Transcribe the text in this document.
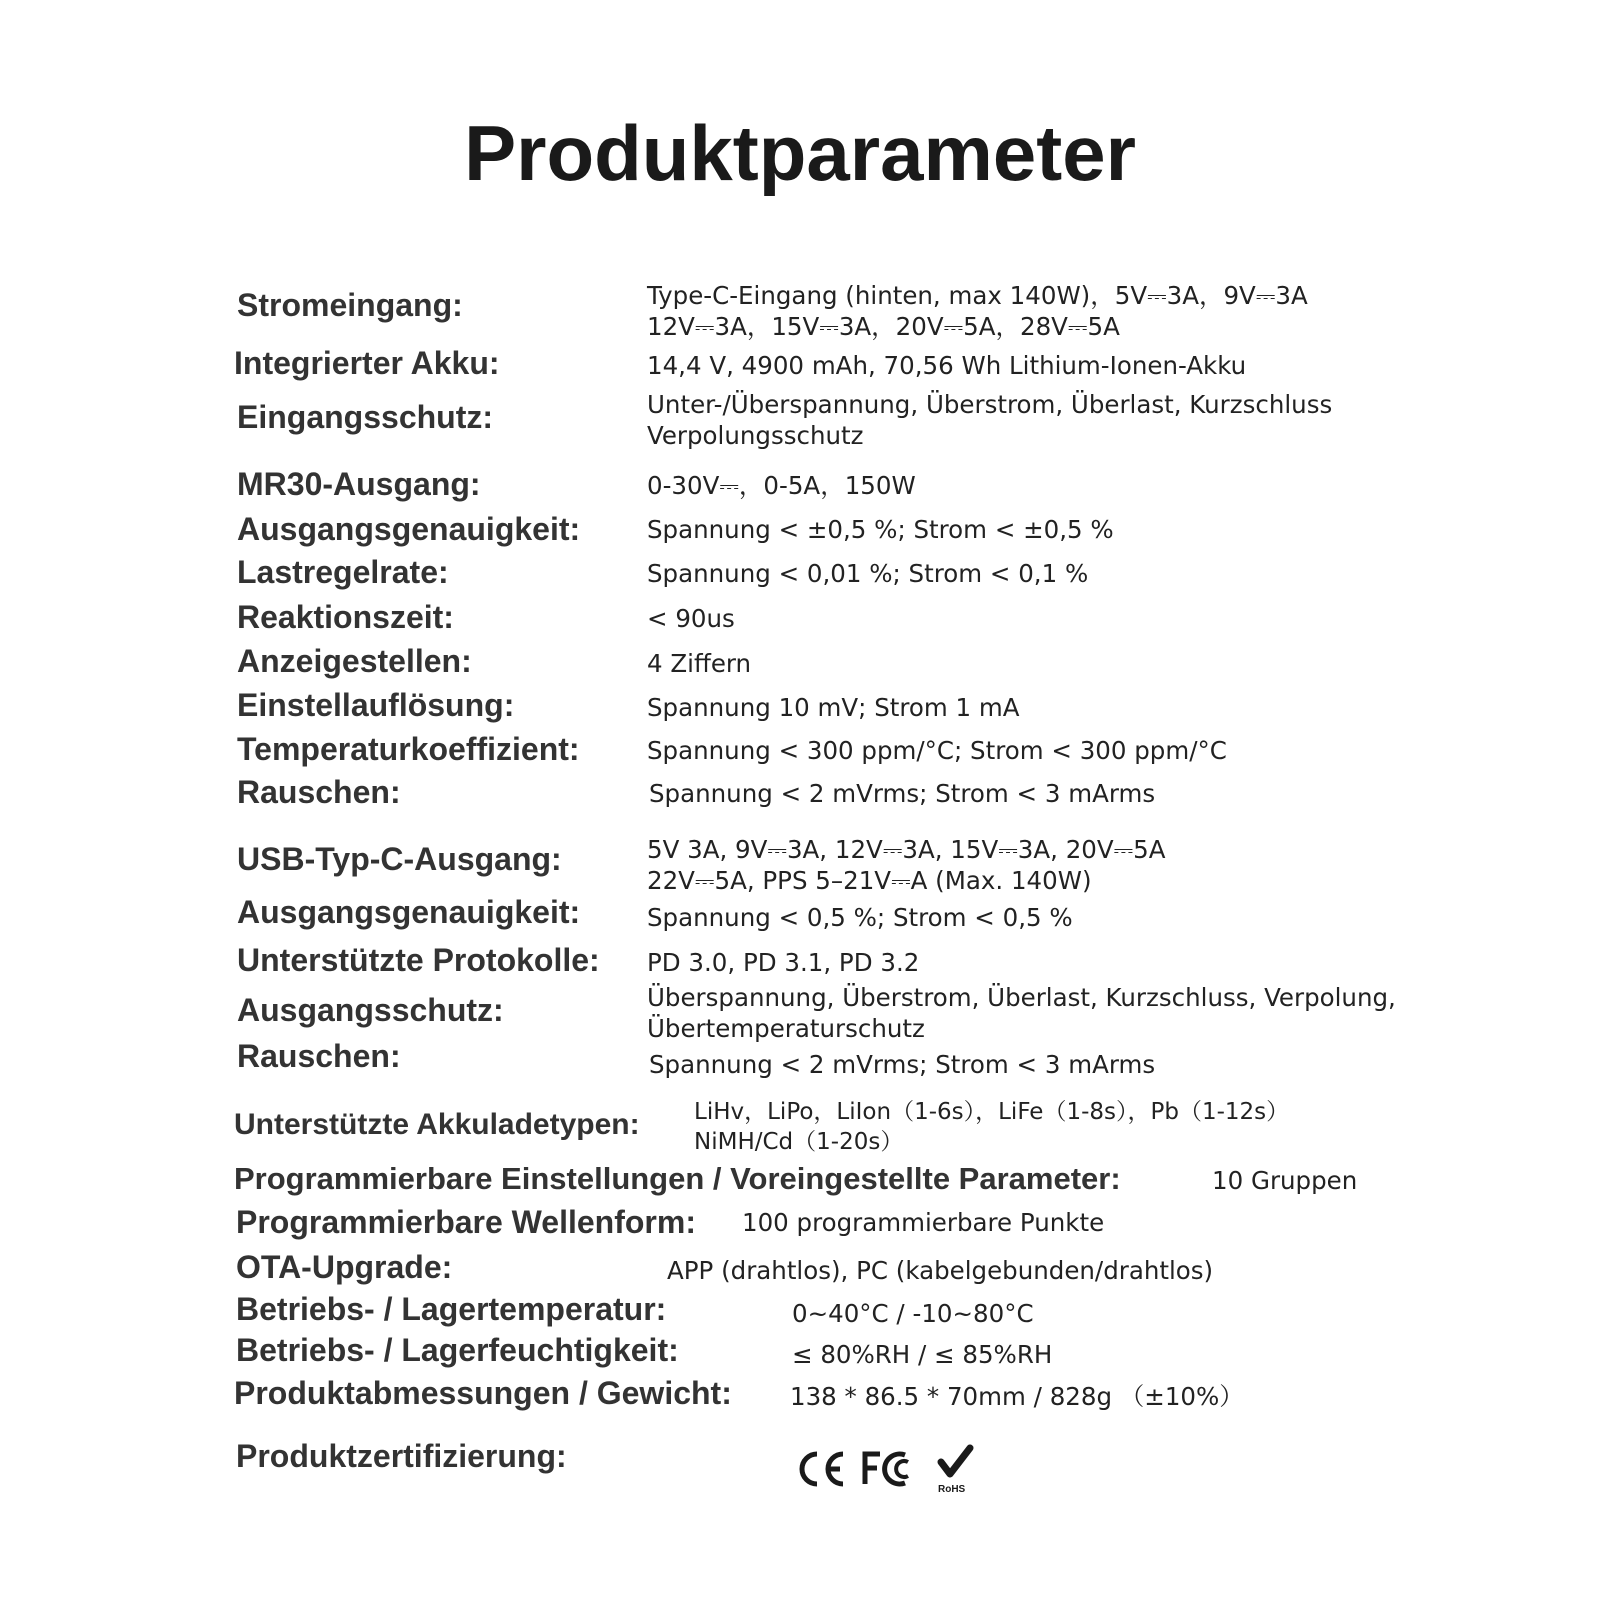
Produktparameter
Stromeingang:	Type-C-Eingang (hinten, max 140W)，5V⎓3A，9V⎓3A
12V⎓3A，15V⎓3A，20V⎓5A，28V⎓5A
Integrierter Akku:	14,4 V, 4900 mAh, 70,56 Wh Lithium-Ionen-Akku
Eingangsschutz:	Unter-/Überspannung, Überstrom, Überlast, Kurzschluss
Verpolungsschutz
MR30-Ausgang:	0-30V⎓，0-5A，150W
Ausgangsgenauigkeit:	Spannung < ±0,5 %; Strom < ±0,5 %
Lastregelrate:	Spannung < 0,01 %; Strom < 0,1 %
Reaktionszeit:	< 90us
Anzeigestellen:	4 Ziffern
Einstellauflösung:	Spannung 10 mV; Strom 1 mA
Temperaturkoeffizient:	Spannung < 300 ppm/°C; Strom < 300 ppm/°C
Rauschen:	Spannung < 2 mVrms; Strom < 3 mArms
USB-Typ-C-Ausgang:	5V 3A, 9V⎓3A, 12V⎓3A, 15V⎓3A, 20V⎓5A
22V⎓5A, PPS 5–21V⎓A (Max. 140W)
Ausgangsgenauigkeit:	Spannung < 0,5 %; Strom < 0,5 %
Unterstützte Protokolle: PD 3.0, PD 3.1, PD 3.2
Ausgangsschutz:	Überspannung, Überstrom, Überlast, Kurzschluss, Verpolung,
Übertemperaturschutz
Rauschen:	Spannung < 2 mVrms; Strom < 3 mArms
Unterstützte Akkuladetypen: LiHv，LiPo，LiIon（1-6s），LiFe（1-8s），Pb（1-12s）
NiMH/Cd（1-20s）
Programmierbare Einstellungen / Voreingestellte Parameter:	10 Gruppen
Programmierbare Wellenform: 100 programmierbare Punkte
OTA-Upgrade:	APP (drahtlos), PC (kabelgebunden/drahtlos)
Betriebs- / Lagertemperatur:	0~40°C / -10~80°C
Betriebs- / Lagerfeuchtigkeit:	≤ 80%RH / ≤ 85%RH
Produktabmessungen / Gewicht: 138 * 86.5 * 70mm / 828g （±10%）
Produktzertifizierung:
RoHS
